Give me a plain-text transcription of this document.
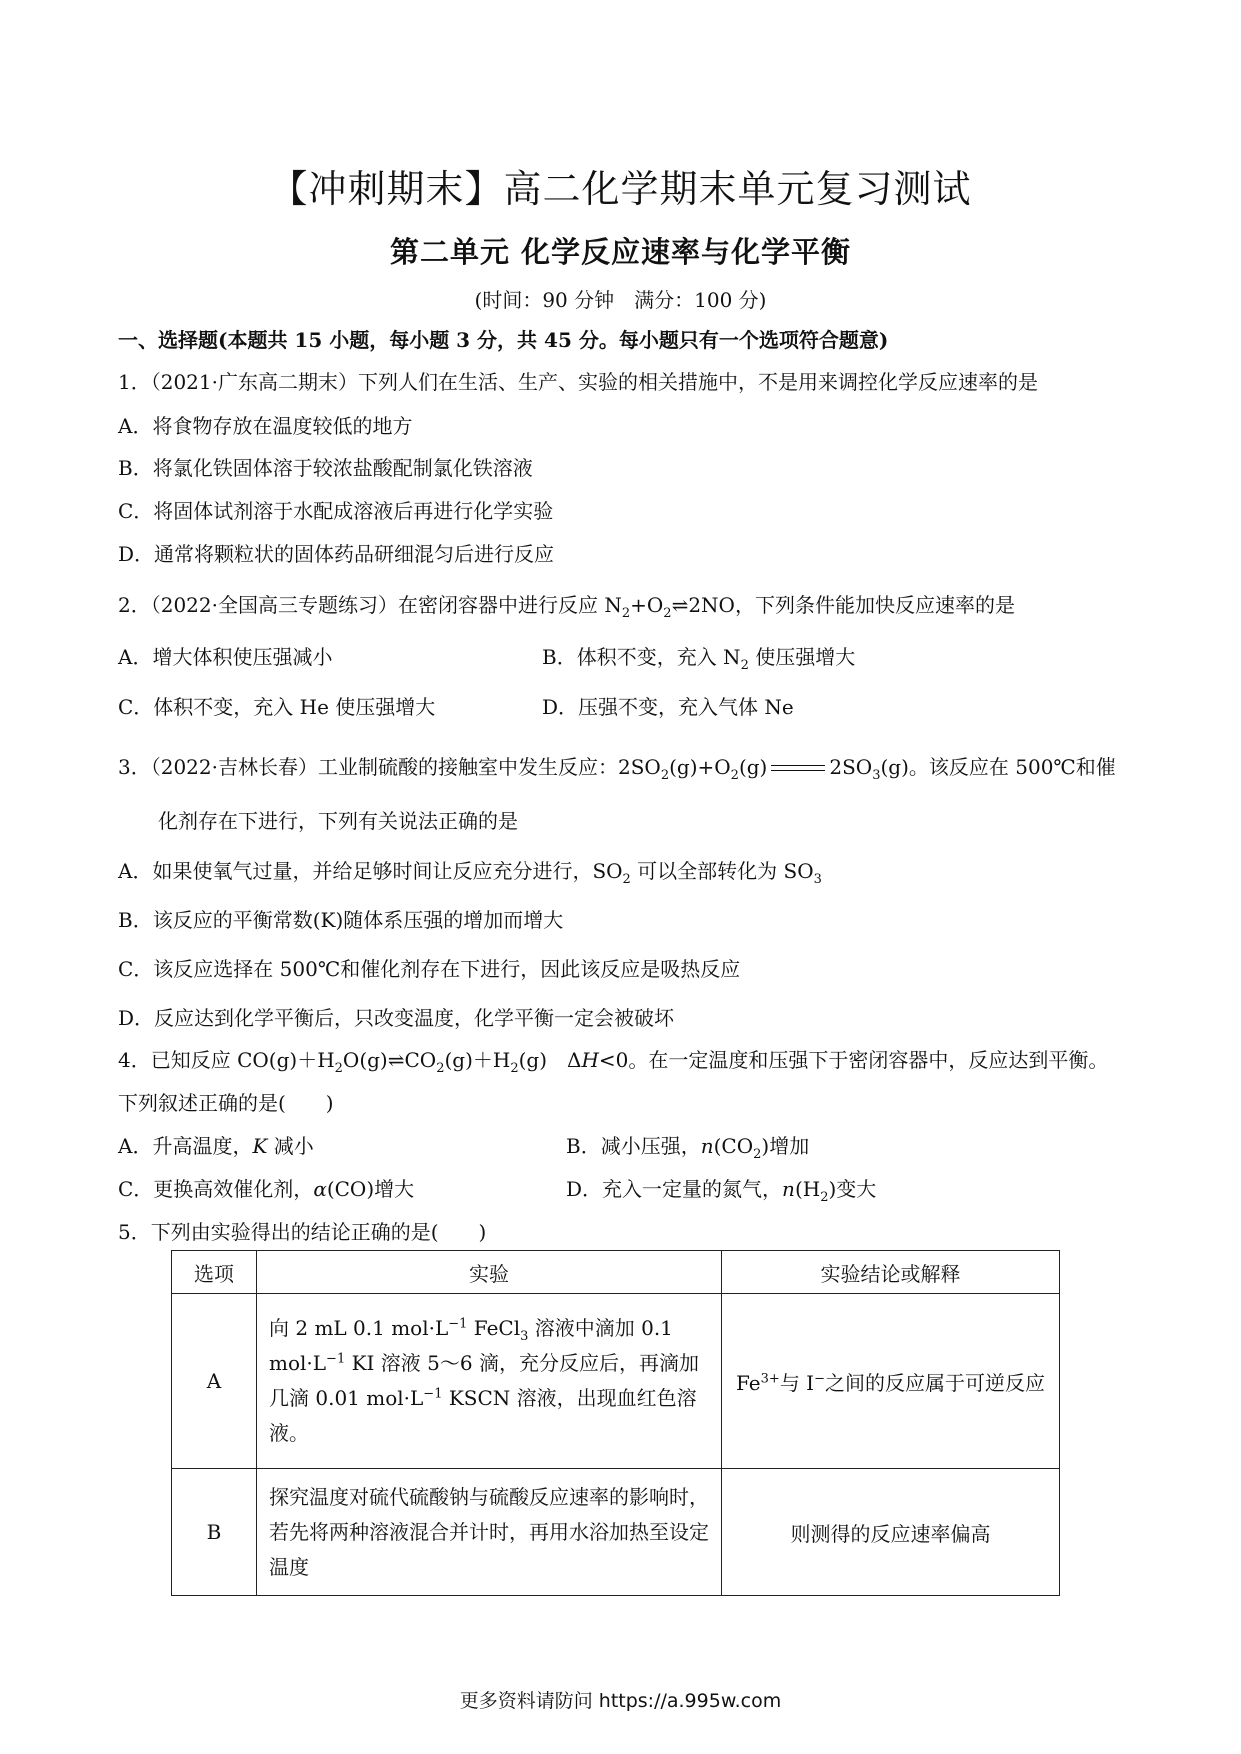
【冲刺期末】高二化学期末单元复习测试
第二单元 化学反应速率与化学平衡
(时间：90 分钟　满分：100 分)
一、选择题(本题共 15 小题，每小题 3 分，共 45 分。每小题只有一个选项符合题意)
1．（2021·广东高二期末）下列人们在生活、生产、实验的相关措施中，不是用来调控化学反应速率的是
A．将食物存放在温度较低的地方
B．将氯化铁固体溶于较浓盐酸配制氯化铁溶液
C．将固体试剂溶于水配成溶液后再进行化学实验
D．通常将颗粒状的固体药品研细混匀后进行反应
2．（2022·全国高三专题练习）在密闭容器中进行反应 $N_2+O_2\rightleftharpoons 2NO$，下列条件能加快反应速率的是
A．增大体积使压强减小	B．体积不变，充入 $N_2$ 使压强增大
C．体积不变，充入 He 使压强增大	D．压强不变，充入气体 Ne
3．（2022·吉林长春）工业制硫酸的接触室中发生反应：$2SO_2(g)+O_2(g)$	$2SO_3(g)$。该反应在 500℃和催
化剂存在下进行，下列有关说法正确的是
A．如果使氧气过量，并给足够时间让反应充分进行，$SO_2$ 可以全部转化为 $SO_3$
B．该反应的平衡常数(K)随体系压强的增加而增大
C．该反应选择在 500℃和催化剂存在下进行，因此该反应是吸热反应
D．反应达到化学平衡后，只改变温度，化学平衡一定会被破坏
4．已知反应 $CO(g)+H_2O(g)\rightleftharpoons CO_2(g)+H_2(g)$　ΔH<0。在一定温度和压强下于密闭容器中，反应达到平衡。
下列叙述正确的是(　　)
A．升高温度，K 减小	B．减小压强，$n(CO_2)$增加
C．更换高效催化剂，α(CO)增大	D．充入一定量的氮气，$n(H_2)$变大
5．下列由实验得出的结论正确的是(　　)
选项	实验	实验结论或解释
A	向 2 mL 0.1 $mol\cdot L^{-1}$ FeCl$_3$ 溶液中滴加 0.1 $mol\cdot L^{-1}$ KI 溶液 5～6 滴，充分反应后，再滴加几滴 0.01 $mol\cdot L^{-1}$ KSCN 溶液，出现血红色溶液。	$Fe^{3+}$与 I−之间的反应属于可逆反应
B	探究温度对硫代硫酸钠与硫酸反应速率的影响时，若先将两种溶液混合并计时，再用水浴加热至设定温度	则测得的反应速率偏高
更多资料请防问 https://a.995w.com
